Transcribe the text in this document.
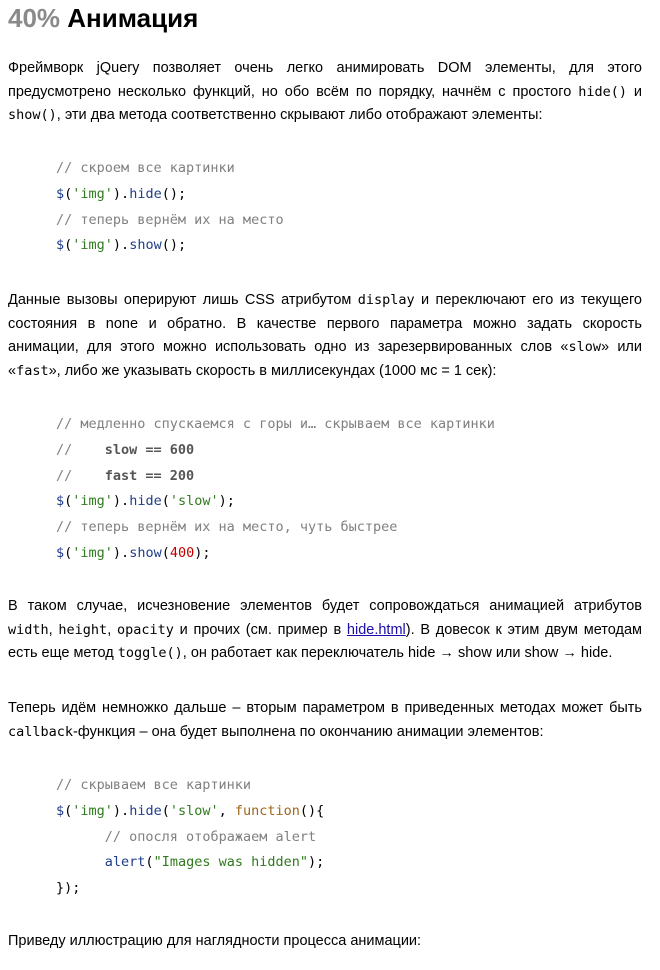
40% Анимация

Фреймворк jQuery позволяет очень легко анимировать DOM элементы, для этого предусмотрено несколько функций, но обо всём по порядку, начнём с простого hide() и show(), эти два метода соответственно скрывают либо отображают элементы:

// скроем все картинки
$('img').hide();
// теперь вернём их на место
$('img').show();

Данные вызовы оперируют лишь CSS атрибутом display и переключают его из текущего состояния в none и обратно. В качестве первого параметра можно задать скорость анимации, для этого можно использовать одно из зарезервированных слов «slow» или «fast», либо же указывать скорость в миллисекундах (1000 мс = 1 сек):

// медленно спускаемся с горы и… скрываем все картинки
// slow == 600
// fast == 200
$('img').hide('slow');
// теперь вернём их на место, чуть быстрее
$('img').show(400);

В таком случае, исчезновение элементов будет сопровождаться анимацией атрибутов width, height, opacity и прочих (см. пример в hide.html). В довесок к этим двум методам есть еще метод toggle(), он работает как переключатель hide → show или show → hide.

Теперь идём немножко дальше – вторым параметром в приведенных методах может быть callback-функция – она будет выполнена по окончанию анимации элементов:

// скрываем все картинки
$('img').hide('slow', function(){
// опосля отображаем alert
alert("Images was hidden");
});

Приведу иллюстрацию для наглядности процесса анимации:
